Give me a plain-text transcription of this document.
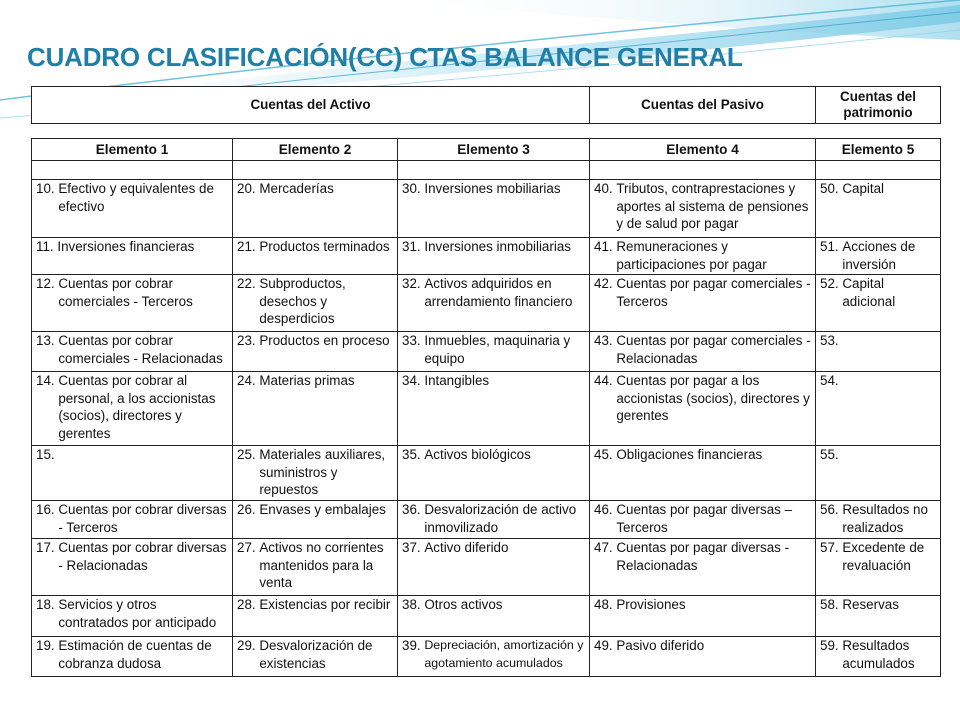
CUADRO CLASIFICACIÓN(CC) CTAS BALANCE GENERAL
Cuentas del Activo	Cuentas del Pasivo	Cuentas del patrimonio
Elemento 1	Elemento 2	Elemento 3	Elemento 4	Elemento 5

10. Efectivo y equivalentes de efectivo	20. Mercaderías	30. Inversiones mobiliarias	40. Tributos, contraprestaciones y aportes al sistema de pensiones y de salud por pagar	50. Capital

11. Inversiones financieras	21. Productos terminados	31. Inversiones inmobiliarias	41. Remuneraciones y participaciones por pagar	51. Acciones de inversión

12. Cuentas por cobrar comerciales - Terceros	22. Subproductos, desechos y desperdicios	32. Activos adquiridos en arrendamiento financiero	42. Cuentas por pagar comerciales - Terceros	52. Capital adicional

13. Cuentas por cobrar comerciales - Relacionadas	23. Productos en proceso	33. Inmuebles, maquinaria y equipo	43. Cuentas por pagar comerciales - Relacionadas	53.

14. Cuentas por cobrar al personal, a los accionistas (socios), directores y gerentes	24. Materias primas	34. Intangibles	44. Cuentas por pagar a los accionistas (socios), directores y gerentes	54.

15.	25. Materiales auxiliares, suministros y repuestos	35. Activos biológicos	45. Obligaciones financieras	55.

16. Cuentas por cobrar diversas - Terceros	26. Envases y embalajes	36. Desvalorización de activo inmovilizado	46. Cuentas por pagar diversas – Terceros	56. Resultados no realizados

17. Cuentas por cobrar diversas - Relacionadas	27. Activos no corrientes mantenidos para la venta	37. Activo diferido	47. Cuentas por pagar diversas - Relacionadas	57. Excedente de revaluación

18. Servicios y otros contratados por anticipado	28. Existencias por recibir	38. Otros activos	48. Provisiones	58. Reservas

19. Estimación de cuentas de cobranza dudosa	29. Desvalorización de existencias	39. Depreciación, amortización y agotamiento acumulados	49. Pasivo diferido	59. Resultados acumulados
